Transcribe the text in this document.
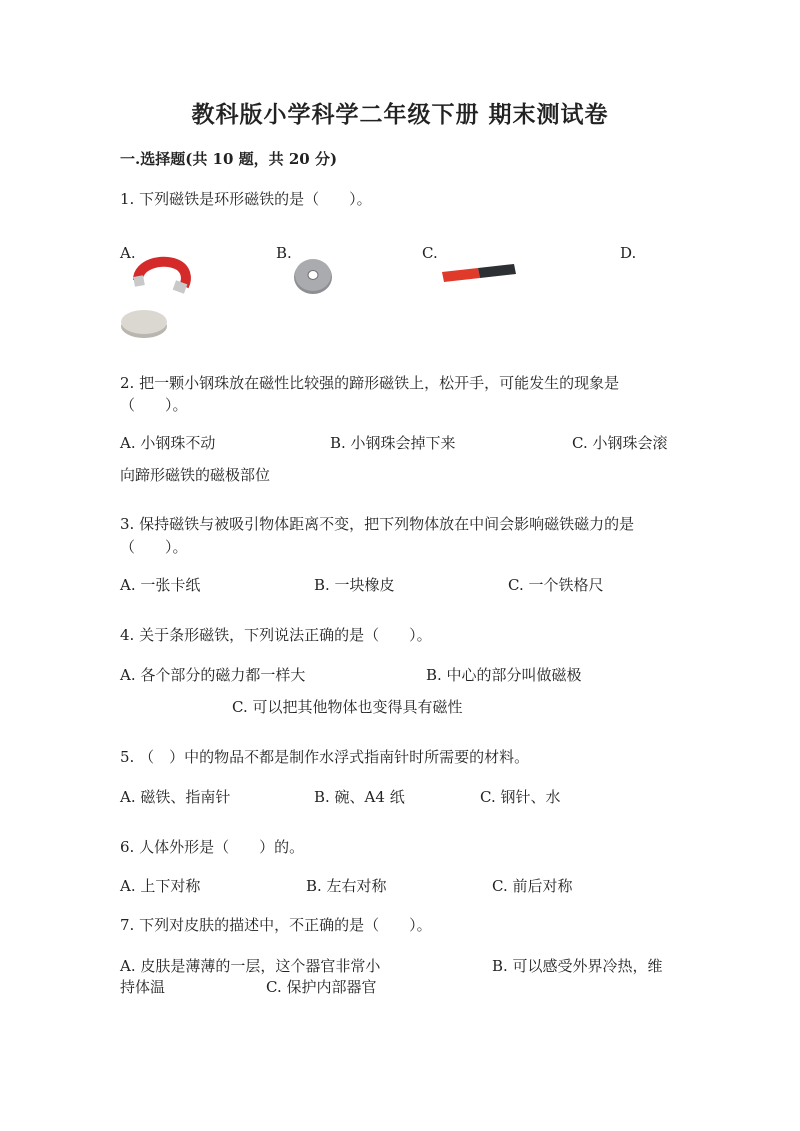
教科版小学科学二年级下册 期末测试卷
一.选择题(共 10 题，共 20 分)
1. 下列磁铁是环形磁铁的是（　　）。
A.	B.	C.	D.
2. 把一颗小钢珠放在磁性比较强的蹄形磁铁上，松开手，可能发生的现象是
（　　）。
A. 小钢珠不动	B. 小钢珠会掉下来	C. 小钢珠会滚
向蹄形磁铁的磁极部位
3. 保持磁铁与被吸引物体距离不变，把下列物体放在中间会影响磁铁磁力的是
（　　）。
A. 一张卡纸	B. 一块橡皮	C. 一个铁格尺
4. 关于条形磁铁，下列说法正确的是（　　）。
A. 各个部分的磁力都一样大	B. 中心的部分叫做磁极
C. 可以把其他物体也变得具有磁性
5. （　）中的物品不都是制作水浮式指南针时所需要的材料。
A. 磁铁、指南针	B. 碗、A4 纸	C. 钢针、水
6. 人体外形是（　　）的。
A. 上下对称	B. 左右对称	C. 前后对称
7. 下列对皮肤的描述中，不正确的是（　　）。
A. 皮肤是薄薄的一层，这个器官非常小	B. 可以感受外界冷热，维
持体温	C. 保护内部器官
